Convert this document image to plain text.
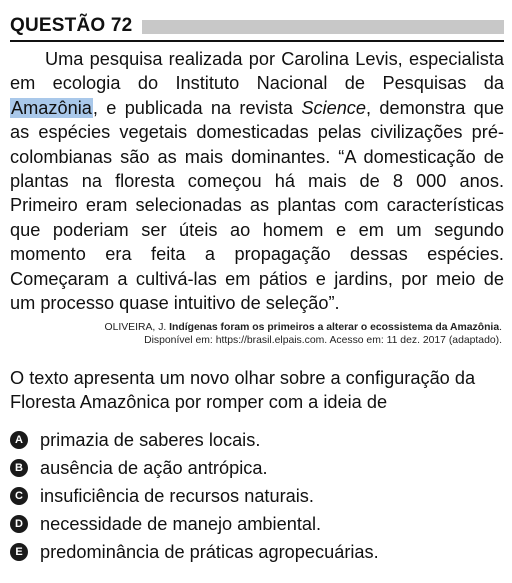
QUESTÃO 72

Uma pesquisa realizada por Carolina Levis, especialista em ecologia do Instituto Nacional de Pesquisas da Amazônia, e publicada na revista Science, demonstra que as espécies vegetais domesticadas pelas civilizações pré-colombianas são as mais dominantes. “A domesticação de plantas na floresta começou há mais de 8 000 anos. Primeiro eram selecionadas as plantas com características que poderiam ser úteis ao homem e em um segundo momento era feita a propagação dessas espécies. Começaram a cultivá-las em pátios e jardins, por meio de um processo quase intuitivo de seleção”.

OLIVEIRA, J. Indígenas foram os primeiros a alterar o ecossistema da Amazônia.
Disponível em: https://brasil.elpais.com. Acesso em: 11 dez. 2017 (adaptado).
O texto apresenta um novo olhar sobre a configuração da Floresta Amazônica por romper com a ideia de
A primazia de saberes locais.
B ausência de ação antrópica.
C insuficiência de recursos naturais.
D necessidade de manejo ambiental.
E predominância de práticas agropecuárias.
